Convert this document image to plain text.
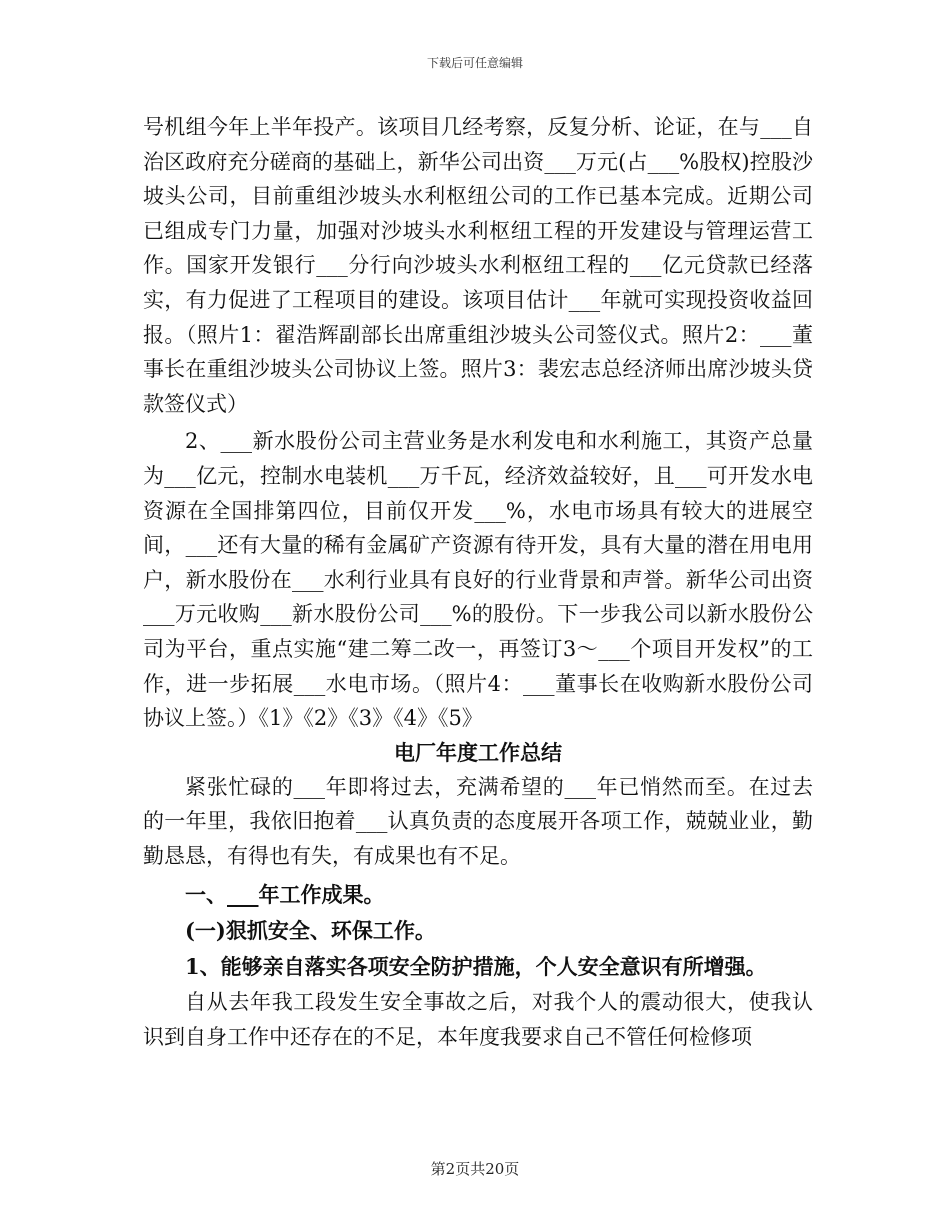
下载后可任意编辑

号机组今年上半年投产。该项目几经考察，反复分析、论证，在与___自治区政府充分磋商的基础上，新华公司出资___万元(占___%股权)控股沙坡头公司，目前重组沙坡头水利枢纽公司的工作已基本完成。近期公司已组成专门力量，加强对沙坡头水利枢纽工程的开发建设与管理运营工作。国家开发银行___分行向沙坡头水利枢纽工程的___亿元贷款已经落实，有力促进了工程项目的建设。该项目估计___年就可实现投资收益回报。（照片1：翟浩辉副部长出席重组沙坡头公司签仪式。照片2：___董事长在重组沙坡头公司协议上签。照片3：裴宏志总经济师出席沙坡头贷款签仪式）

2、___新水股份公司主营业务是水利发电和水利施工，其资产总量为___亿元，控制水电装机___万千瓦，经济效益较好，且___可开发水电资源在全国排第四位，目前仅开发___%，水电市场具有较大的进展空间，___还有大量的稀有金属矿产资源有待开发，具有大量的潜在用电用户，新水股份在___水利行业具有良好的行业背景和声誉。新华公司出资___万元收购___新水股份公司___%的股份。下一步我公司以新水股份公司为平台，重点实施“建二筹二改一，再签订3～___个项目开发权”的工作，进一步拓展___水电市场。（照片4：___董事长在收购新水股份公司协议上签。）《1》《2》《3》《4》《5》

电厂年度工作总结

紧张忙碌的___年即将过去，充满希望的___年已悄然而至。在过去的一年里，我依旧抱着___认真负责的态度展开各项工作，兢兢业业，勤勤恳恳，有得也有失，有成果也有不足。

一、___年工作成果。
(一)狠抓安全、环保工作。
1、能够亲自落实各项安全防护措施，个人安全意识有所增强。

自从去年我工段发生安全事故之后，对我个人的震动很大，使我认识到自身工作中还存在的不足，本年度我要求自己不管任何检修项

第2页共20页
